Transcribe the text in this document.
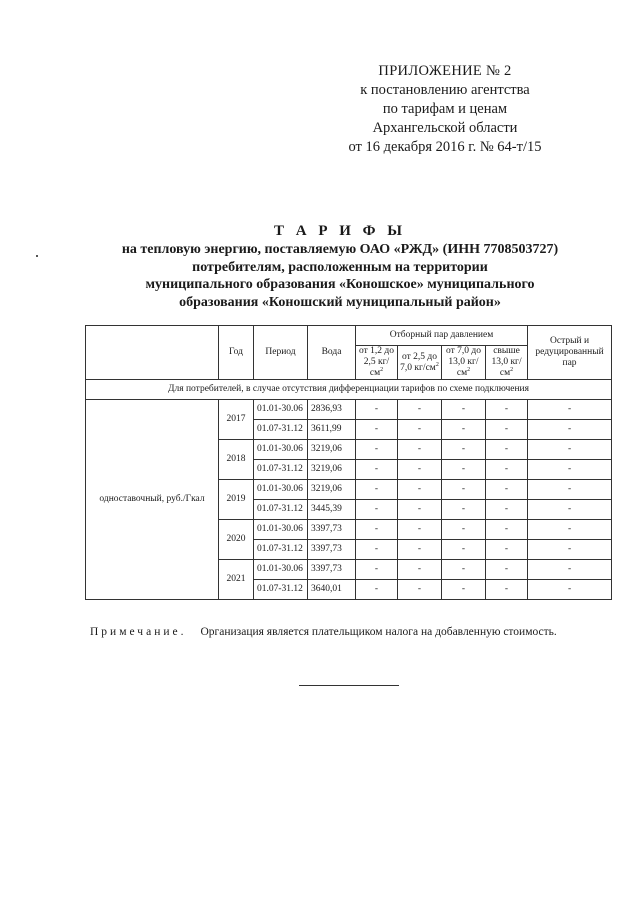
ПРИЛОЖЕНИЕ № 2
к постановлению агентства
по тарифам и ценам
Архангельской области
от 16 декабря 2016 г. № 64-т/15
Т А Р И Ф Ы
на тепловую энергию, поставляемую ОАО «РЖД» (ИНН 7708503727)
потребителям, расположенным на территории
муниципального образования «Коношское» муниципального
образования «Коношский муниципальный район»
	Год	Период	Вода	Отборный пар давлением				Острый и редуцированный пар
				от 1,2 до 2,5 $кг/см^2$	от 2,5 до 7,0 $кг/см^2$	от 7,0 до 13,0 $кг/см^2$	свыше 13,0 $кг/см^2$
Для потребителей, в случае отсутствия дифференциации тарифов по схеме подключения								
одноставочный, руб./Гкал	2017	01.01-30.06	2836,93	-	-	-	-	-
		01.07-31.12	3611,99	-	-	-	-	-
	2018	01.01-30.06	3219,06	-	-	-	-	-
		01.07-31.12	3219,06	-	-	-	-	-
	2019	01.01-30.06	3219,06	-	-	-	-	-
		01.07-31.12	3445,39	-	-	-	-	-
	2020	01.01-30.06	3397,73	-	-	-	-	-
		01.07-31.12	3397,73	-	-	-	-	-
	2021	01.01-30.06	3397,73	-	-	-	-	-
		01.07-31.12	3640,01	-	-	-	-	-
Примечание. Организация является плательщиком налога на добавленную стоимость.
